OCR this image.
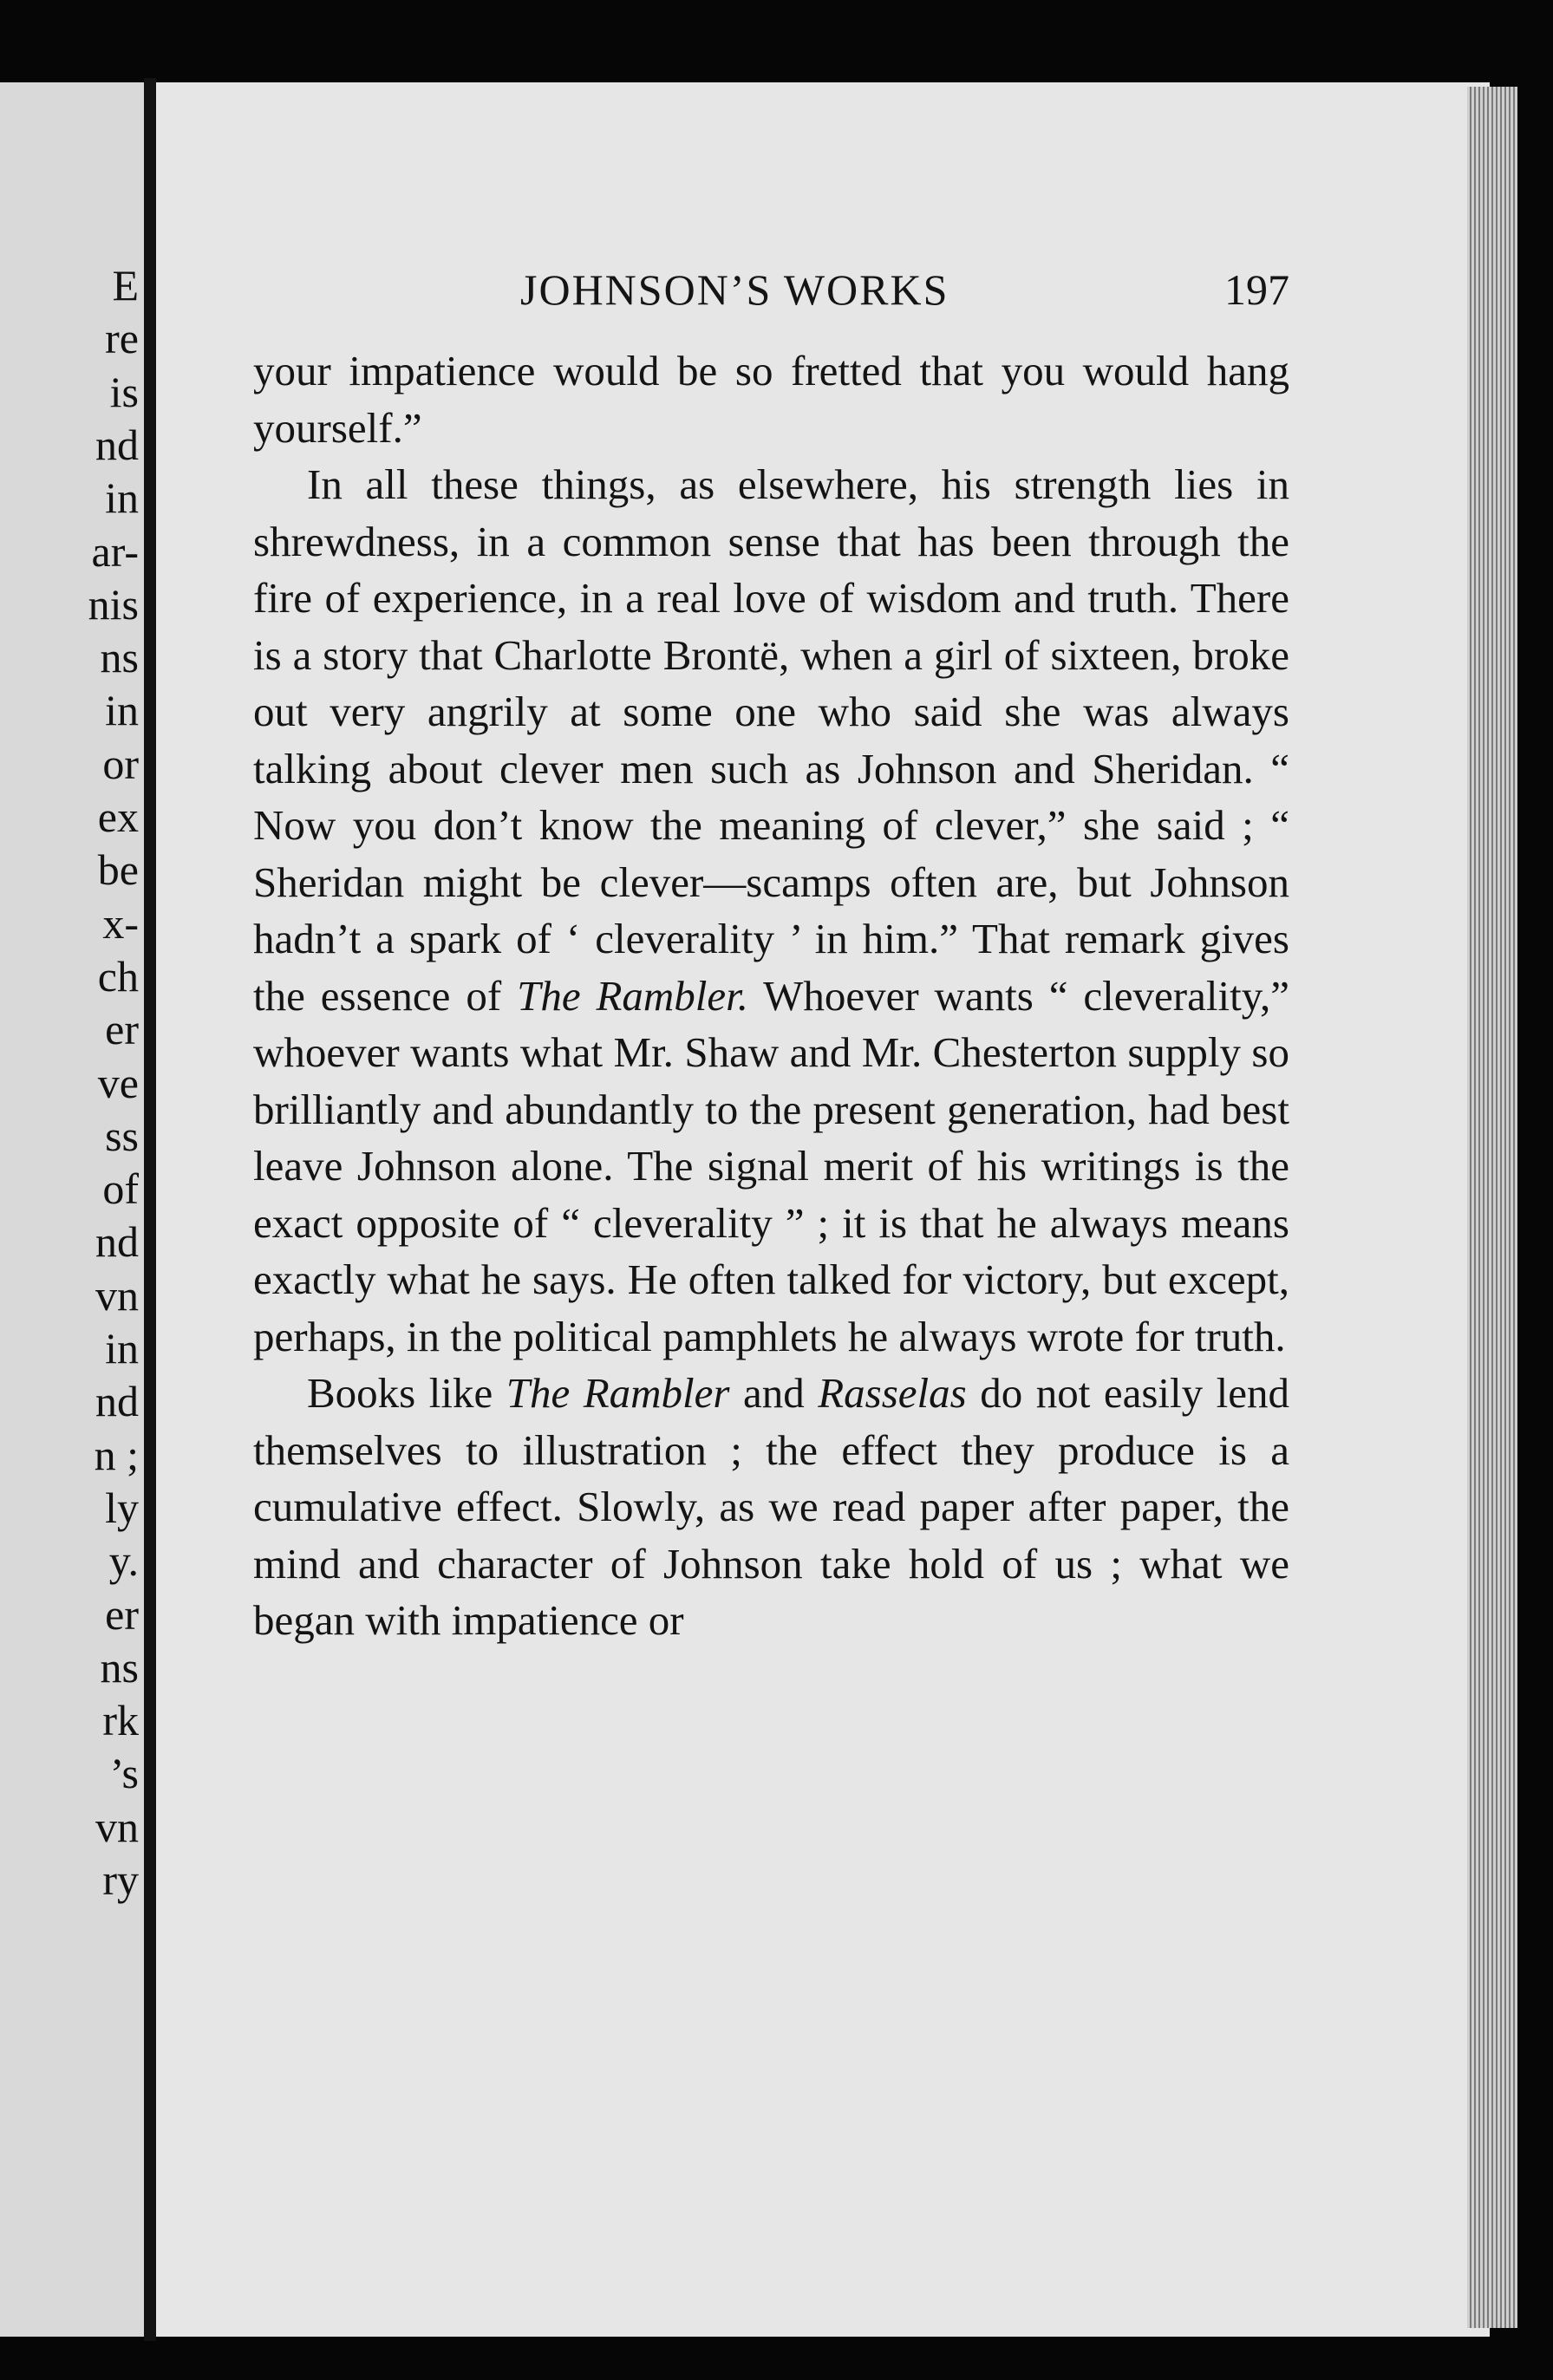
E
re
is
nd
in
ar-
nis
ns
in
or
ex
be
x-
ch
er
ve
ss
of
nd
vn
in
nd
n ;
ly
y.
er
ns
rk
’s
vn
ry
JOHNSON’S WORKS	197

your impatience would be so fretted that you would hang yourself.”

In all these things, as elsewhere, his strength lies in shrewdness, in a common sense that has been through the fire of experience, in a real love of wisdom and truth. There is a story that Charlotte Brontë, when a girl of sixteen, broke out very angrily at some one who said she was always talking about clever men such as Johnson and Sheridan. “ Now you don’t know the meaning of clever,” she said ; “ Sheridan might be clever—scamps often are, but Johnson hadn’t a spark of ‘ cleverality ’ in him.” That remark gives the essence of The Rambler. Whoever wants “ cleverality,” whoever wants what Mr. Shaw and Mr. Chesterton supply so brilliantly and abundantly to the present generation, had best leave Johnson alone. The signal merit of his writings is the exact opposite of “ cleverality ” ; it is that he always means exactly what he says. He often talked for victory, but except, perhaps, in the political pamphlets he always wrote for truth.

Books like The Rambler and Rasselas do not easily lend themselves to illustration ; the effect they produce is a cumulative effect. Slowly, as we read paper after paper, the mind and character of Johnson take hold of us ; what we began with impatience or
